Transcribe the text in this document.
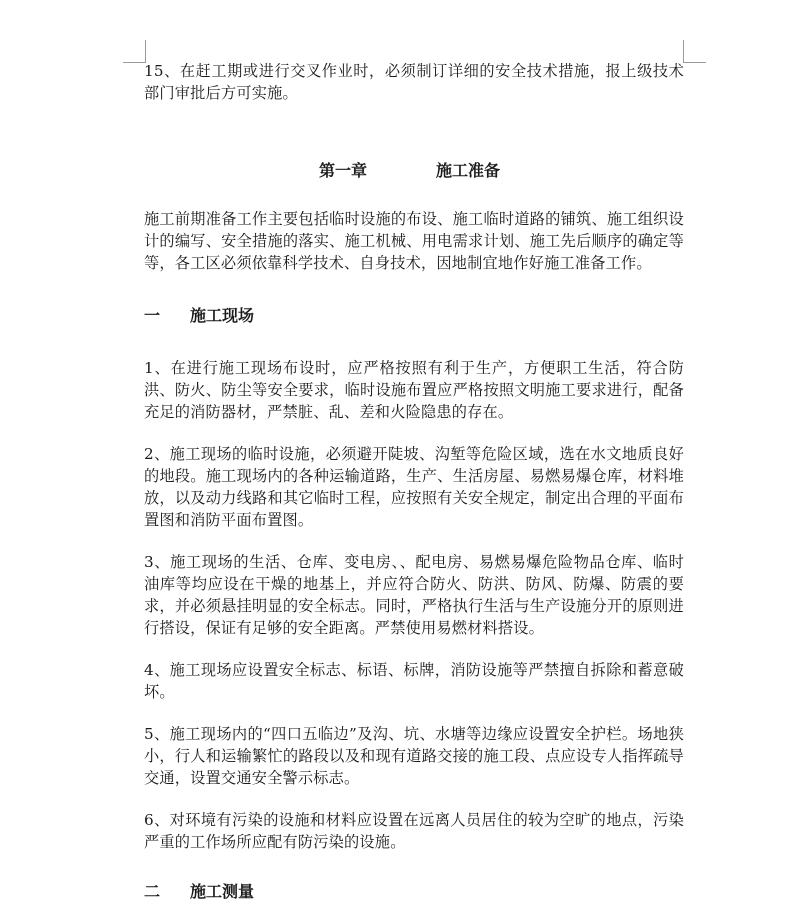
15、在赶工期或进行交叉作业时，必须制订详细的安全技术措施，报上级技术部门审批后方可实施。

第一章	施工准备

施工前期准备工作主要包括临时设施的布设、施工临时道路的铺筑、施工组织设计的编写、安全措施的落实、施工机械、用电需求计划、施工先后顺序的确定等等，各工区必须依靠科学技术、自身技术，因地制宜地作好施工准备工作。

一 施工现场

1、在进行施工现场布设时，应严格按照有利于生产，方便职工生活，符合防洪、防火、防尘等安全要求，临时设施布置应严格按照文明施工要求进行，配备充足的消防器材，严禁脏、乱、差和火险隐患的存在。

2、施工现场的临时设施，必须避开陡坡、沟堑等危险区域，选在水文地质良好的地段。施工现场内的各种运输道路，生产、生活房屋、易燃易爆仓库，材料堆放，以及动力线路和其它临时工程，应按照有关安全规定，制定出合理的平面布置图和消防平面布置图。

3、施工现场的生活、仓库、变电房、、配电房、易燃易爆危险物品仓库、临时油库等均应设在干燥的地基上，并应符合防火、防洪、防风、防爆、防震的要求，并必须悬挂明显的安全标志。同时，严格执行生活与生产设施分开的原则进行搭设，保证有足够的安全距离。严禁使用易燃材料搭设。

4、施工现场应设置安全标志、标语、标牌，消防设施等严禁擅自拆除和蓄意破坏。

5、施工现场内的“四口五临边”及沟、坑、水塘等边缘应设置安全护栏。场地狭小，行人和运输繁忙的路段以及和现有道路交接的施工段、点应设专人指挥疏导交通，设置交通安全警示标志。

6、对环境有污染的设施和材料应设置在远离人员居住的较为空旷的地点，污染严重的工作场所应配有防污染的设施。

二 施工测量
